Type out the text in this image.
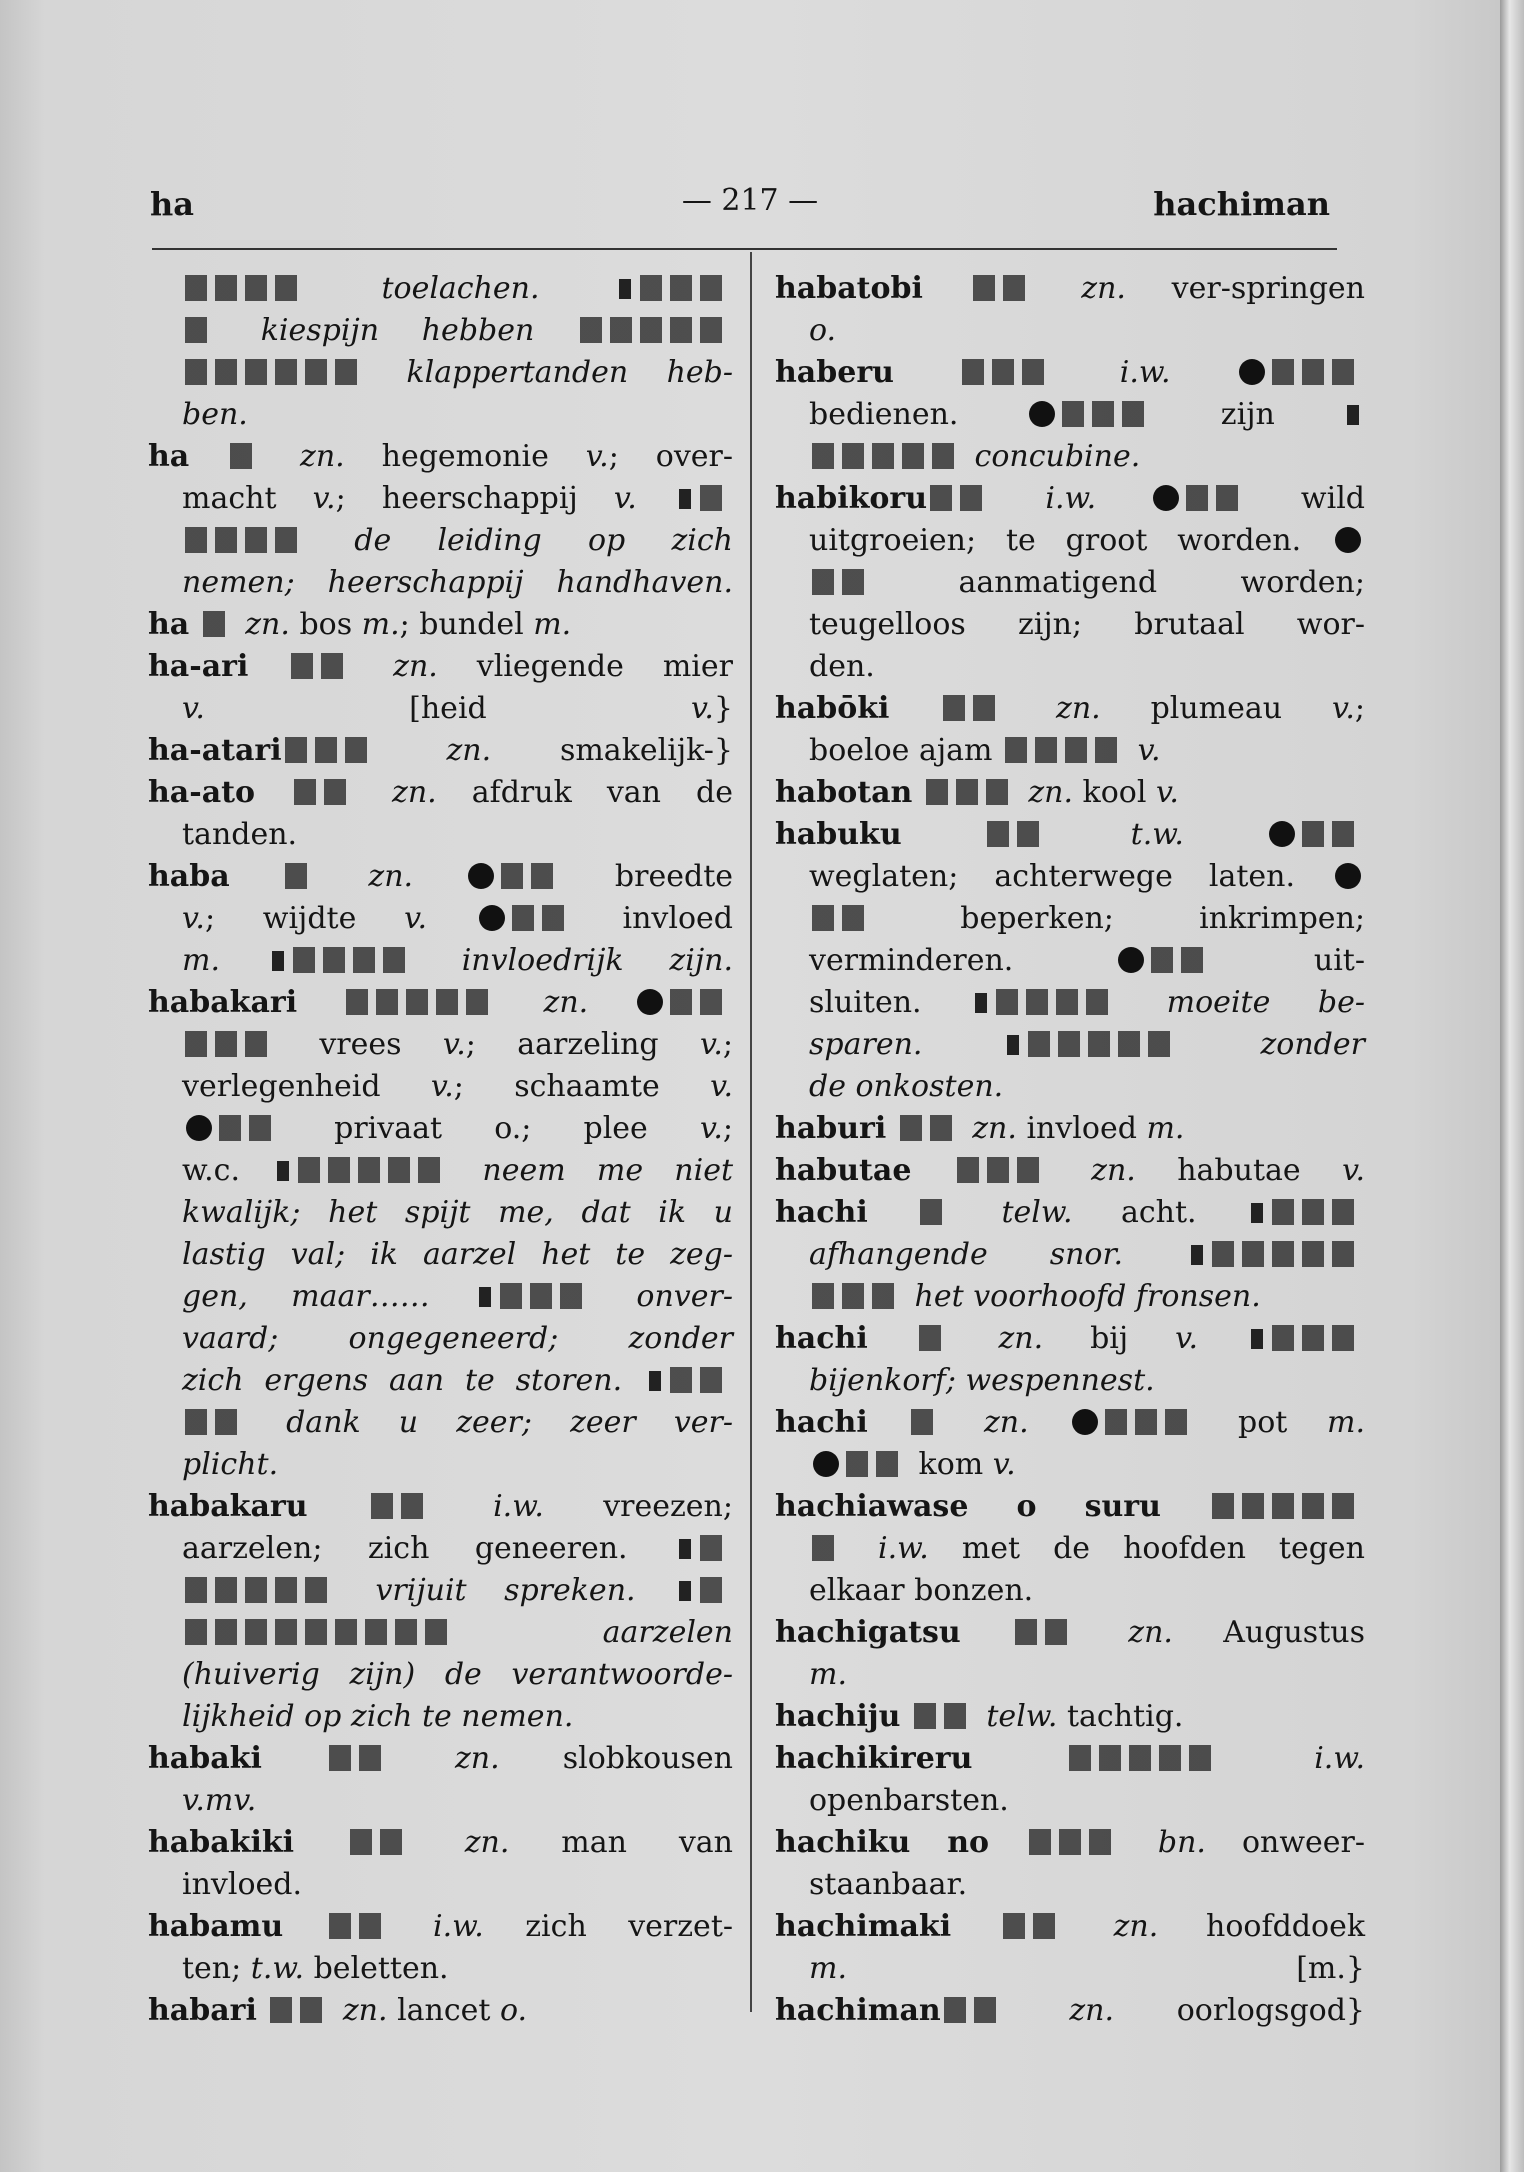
ha	— 217 —	hachiman
toelachen.
kiespijn hebben
klappertanden heb-
ben.
ha  zn. hegemonie v.; over-
macht v.; heerschappij v.
de leiding op zich
nemen; heerschappij handhaven.
ha  zn. bos m.; bundel m.
ha-ari  zn. vliegende mier
v. [heid v.}
ha-atari	zn. smakelijk-}
ha-ato  zn. afdruk van de
tanden.
haba  zn.	breedte
v.; wijdte v.	invloed
m.	invloedrijk zijn.
habakari	zn.
vrees v.; aarzeling v.;
verlegenheid v.; schaamte v.
privaat o.; plee v.;
w.c.	neem me niet
kwalijk; het spijt me, dat ik u
lastig val; ik aarzel het te zeg-
gen, maar……	onver-
vaard; ongegeneerd; zonder
zich ergens aan te storen.
dank u zeer; zeer ver-
plicht.
habakaru  i.w. vreezen;
aarzelen; zich geneeren.
vrijuit spreken.
aarzelen
(huiverig zijn) de verantwoorde-
lijkheid op zich te nemen.
habaki  zn. slobkousen
v.mv.
habakiki  zn. man van
invloed.
habamu  i.w. zich verzet-
ten; t.w. beletten.
habari  zn. lancet o.
habatobi  zn. ver-springen
o.
haberu	i.w.
bedienen.	zijn
concubine.
habikoru i.w.	wild
uitgroeien; te groot worden.
aanmatigend worden;
teugelloos zijn; brutaal wor-
den.
habōki  zn. plumeau v.;
boeloe ajam	v.
habotan	zn. kool v.
habuku  t.w.
weglaten; achterwege laten.
beperken; inkrimpen;
verminderen.	uit-
sluiten.	moeite be-
sparen.	zonder
de onkosten.
haburi  zn. invloed m.
habutae	zn. habutae v.
hachi  telw. acht.
afhangende snor.
het voorhoofd fronsen.
hachi  zn. bij v.
bijenkorf; wespennest.
hachi  zn.	pot m.
kom v.
hachiawase o suru
i.w. met de hoofden tegen
elkaar bonzen.
hachigatsu  zn. Augustus
m.
hachiju  telw. tachtig.
hachikireru	i.w.
openbarsten.
hachiku no	bn. onweer-
staanbaar.
hachimaki  zn. hoofddoek
m. [m.}
hachiman zn. oorlogsgod}
